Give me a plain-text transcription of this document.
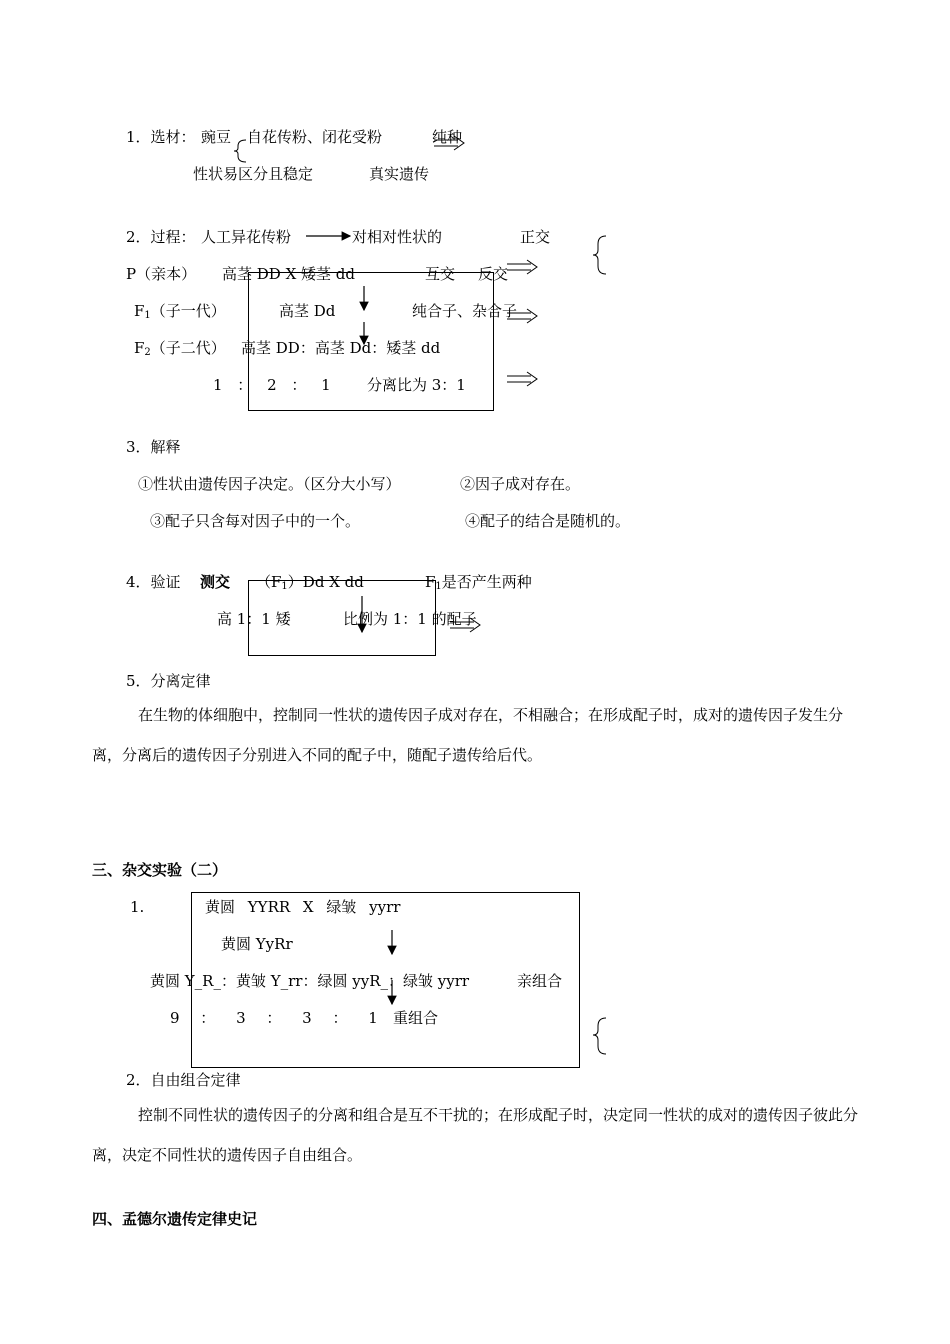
1．选材： 豌豆 自花传粉、闭花受粉	纯种
性状易区分且稳定	真实遗传
2．过程： 人工异花传粉	对相对性状的	正交
P（亲本） 高茎 DD X 矮茎 dd	互交 反交
$F_1$（子一代）	高茎 Dd	纯合子、杂合子
$F_2$（子二代） 高茎 DD：高茎 Dd：矮茎 dd
1 ： 2 ： 1 分离比为 3：1
3．解释
①性状由遗传因子决定。（区分大小写）	②因子成对存在。
③配子只含每对因子中的一个。	④配子的结合是随机的。
4．验证 测交 $(F_1)Dd$ X dd	$F_1$是否产生两种
高 1：1 矮	比例为 1：1 的配子
5．分离定律

在生物的体细胞中，控制同一性状的遗传因子成对存在，不相融合；在形成配子时，成对的遗传因子发生分离，分离后的遗传因子分别进入不同的配子中，随配子遗传给后代。

三、杂交实验（二）
1.	黄圆 YYRR X 绿皱 yyrr
黄圆 YyRr
黄圆 Y_R_：黄皱 Y_rr：绿圆 yyR_：绿皱 yyrr	亲组合
9 ： 3 ： 3 ： 1 重组合
2．自由组合定律

控制不同性状的遗传因子的分离和组合是互不干扰的；在形成配子时，决定同一性状的成对的遗传因子彼此分离，决定不同性状的遗传因子自由组合。

四、孟德尔遗传定律史记
